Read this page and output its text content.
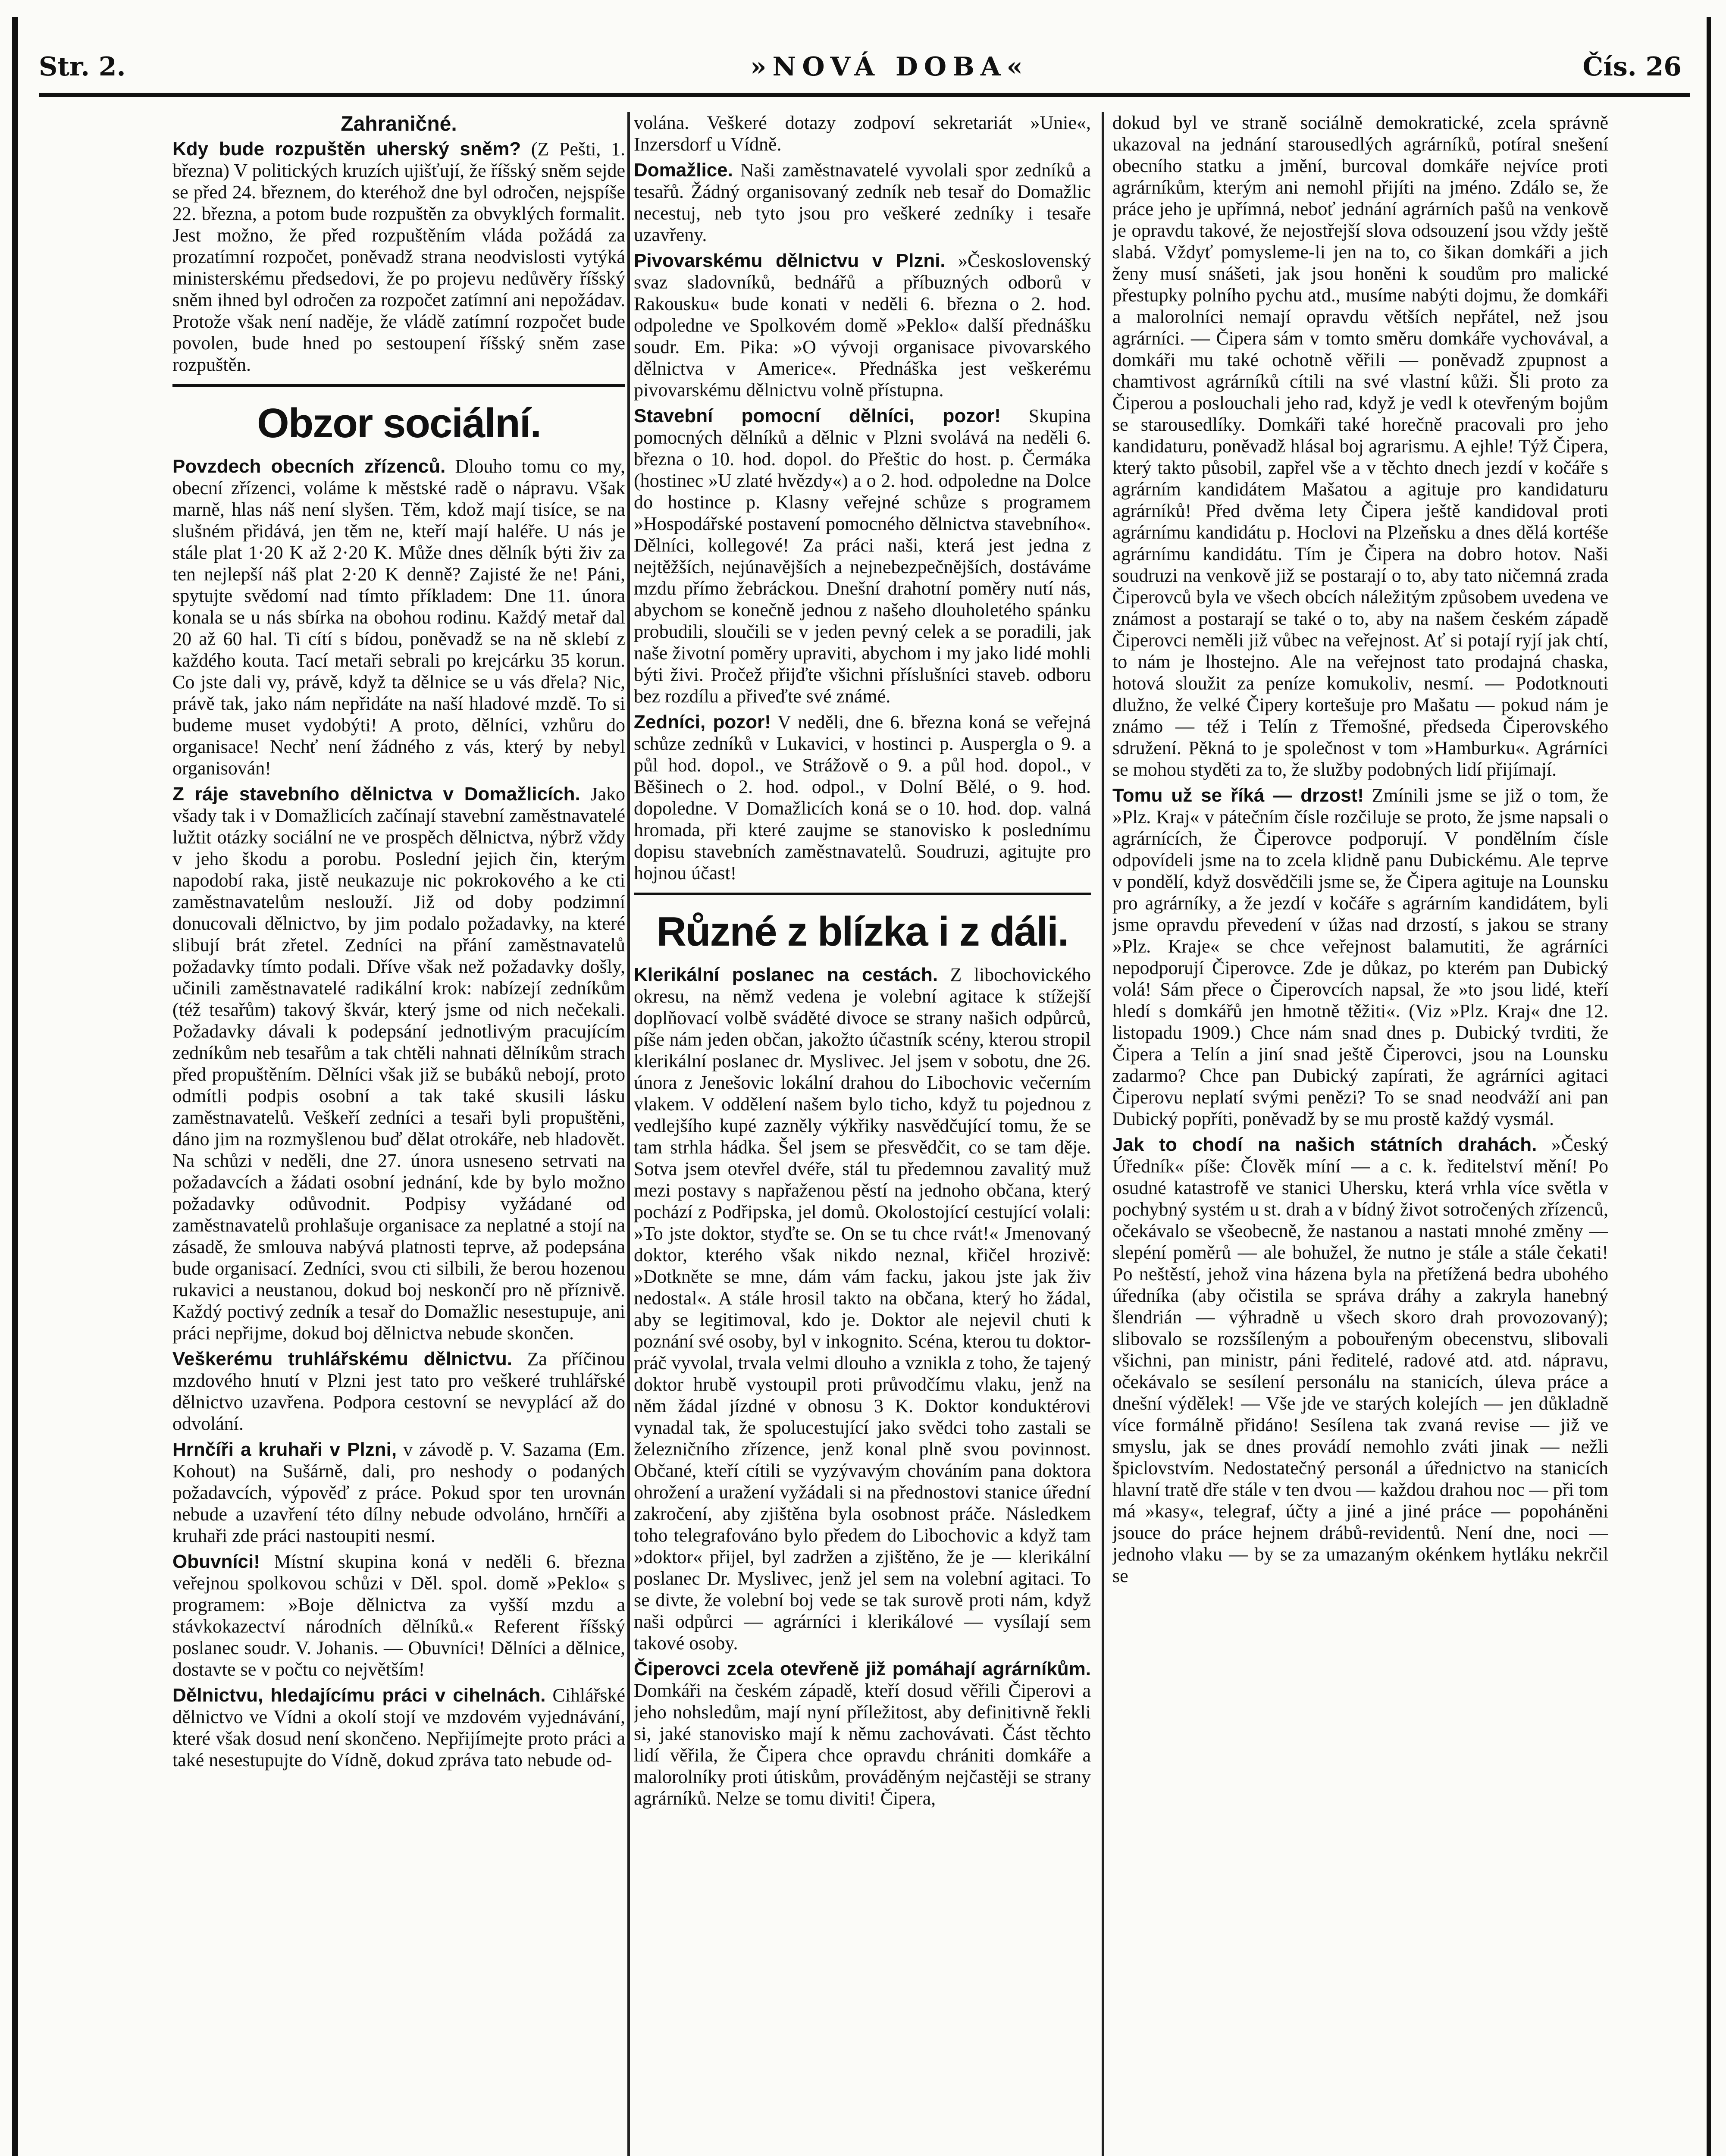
Str. 2.	»NOVÁ DOBA«	Čís. 26
Zahraničné.

Kdy bude rozpuštěn uherský sněm? (Z Pešti, 1. března) V politických kruzích ujišťují, že říšský sněm sejde se před 24. březnem, do kteréhož dne byl odročen, nejspíše 22. března, a potom bude rozpuštěn za obvyklých formalit. Jest možno, že před rozpuštěním vláda požádá za prozatímní rozpočet, poněvadž strana neodvislosti vytýká ministerskému předsedovi, že po projevu nedůvěry říšský sněm ihned byl odročen za rozpočet zatímní ani nepožádav. Protože však není naděje, že vládě zatímní rozpočet bude povolen, bude hned po sestoupení říšský sněm zase rozpuštěn.

Obzor sociální.

Povzdech obecních zřízenců. Dlouho tomu co my, obecní zřízenci, voláme k městské radě o nápravu. Však marně, hlas náš není slyšen. Těm, kdož mají tisíce, se na slušném přidává, jen těm ne, kteří mají haléře. U nás je stále plat 1·20 K až 2·20 K. Může dnes dělník býti živ za ten nejlepší náš plat 2·20 K denně? Zajisté že ne! Páni, spytujte svědomí nad tímto příkladem: Dne 11. února konala se u nás sbírka na obohou rodinu. Každý metař dal 20 až 60 hal. Ti cítí s bídou, poněvadž se na ně sklebí z každého kouta. Tací metaři sebrali po krejcárku 35 korun. Co jste dali vy, právě, když ta dělnice se u vás dřela? Nic, právě tak, jako nám nepřidáte na naší hladové mzdě. To si budeme muset vydobýti! A proto, dělníci, vzhůru do organisace! Nechť není žádného z vás, který by nebyl organisován!

Z ráje stavebního dělnictva v Domažlicích. Jako všady tak i v Domažlicích začínají stavební zaměstnavatelé lužtit otázky sociální ne ve prospěch dělnictva, nýbrž vždy v jeho škodu a porobu. Poslední jejich čin, kterým napodobí raka, jistě neukazuje nic pokrokového a ke cti zaměstnavatelům neslouží. Již od doby podzimní donucovali dělnictvo, by jim podalo požadavky, na které slibují brát zřetel. Zedníci na přání zaměstnavatelů požadavky tímto podali. Dříve však než požadavky došly, učinili zaměstnavatelé radikální krok: nabízejí zedníkům (též tesařům) takový škvár, který jsme od nich nečekali. Požadavky dávali k podepsání jednotlivým pracujícím zedníkům neb tesařům a tak chtěli nahnati dělníkům strach před propuštěním. Dělníci však již se bubáků nebojí, proto odmítli podpis osobní a tak také skusili lásku zaměstnavatelů. Veškeří zedníci a tesaři byli propuštěni, dáno jim na rozmyšlenou buď dělat otrokáře, neb hladovět. Na schůzi v neděli, dne 27. února usneseno setrvati na požadavcích a žádati osobní jednání, kde by bylo možno požadavky odůvodnit. Podpisy vyžádané od zaměstnavatelů prohlašuje organisace za neplatné a stojí na zásadě, že smlouva nabývá platnosti teprve, až podepsána bude organisací. Zedníci, svou cti silbili, že berou hozenou rukavici a neustanou, dokud boj neskončí pro ně příznivě. Každý poctivý zedník a tesař do Domažlic nesestupuje, ani práci nepřijme, dokud boj dělnictva nebude skončen.

Veškerému truhlářskému dělnictvu. Za příčinou mzdového hnutí v Plzni jest tato pro veškeré truhlářské dělnictvo uzavřena. Podpora cestovní se nevyplácí až do odvolání.

Hrnčíři a kruhaři v Plzni, v závodě p. V. Sazama (Em. Kohout) na Sušárně, dali, pro neshody o podaných požadavcích, výpověď z práce. Pokud spor ten urovnán nebude a uzavření této dílny nebude odvoláno, hrnčíři a kruhaři zde práci nastoupiti nesmí.

Obuvníci! Místní skupina koná v neděli 6. března veřejnou spolkovou schůzi v Děl. spol. domě »Peklo« s programem: »Boje dělnictva za vyšší mzdu a stávkokazectví národních dělníků.« Referent říšský poslanec soudr. V. Johanis. — Obuvníci! Dělníci a dělnice, dostavte se v počtu co největším!

Dělnictvu, hledajícímu práci v cihelnách. Cihlářské dělnictvo ve Vídni a okolí stojí ve mzdovém vyjednávání, které však dosud není skončeno. Nepřijímejte proto práci a také nesestupujte do Vídně, dokud zpráva tato nebude od-

volána. Veškeré dotazy zodpoví sekretariát »Unie«, Inzersdorf u Vídně.

Domažlice. Naši zaměstnavatelé vyvolali spor zedníků a tesařů. Žádný organisovaný zedník neb tesař do Domažlic necestuj, neb tyto jsou pro veškeré zedníky i tesaře uzavřeny.

Pivovarskému dělnictvu v Plzni. »Československý svaz sladovníků, bednářů a příbuzných odborů v Rakousku« bude konati v neděli 6. března o 2. hod. odpoledne ve Spolkovém domě »Peklo« další přednášku soudr. Em. Pika: »O vývoji organisace pivovarského dělnictva v Americe«. Přednáška jest veškerému pivovarskému dělnictvu volně přístupna.

Stavební pomocní dělníci, pozor! Skupina pomocných dělníků a dělnic v Plzni svolává na neděli 6. března o 10. hod. dopol. do Přeštic do host. p. Čermáka (hostinec »U zlaté hvězdy«) a o 2. hod. odpoledne na Dolce do hostince p. Klasny veřejné schůze s programem »Hospodářské postavení pomocného dělnictva stavebního«. Dělníci, kollegové! Za práci naši, která jest jedna z nejtěžších, nejúnavějších a nejnebezpečnějších, dostáváme mzdu přímo žebráckou. Dnešní drahotní poměry nutí nás, abychom se konečně jednou z našeho dlouholetého spánku probudili, sloučili se v jeden pevný celek a se poradili, jak naše životní poměry upraviti, abychom i my jako lidé mohli býti živi. Pročež přijďte všichni příslušníci staveb. odboru bez rozdílu a přiveďte své známé.

Zedníci, pozor! V neděli, dne 6. března koná se veřejná schůze zedníků v Lukavici, v hostinci p. Auspergla o 9. a půl hod. dopol., ve Strážově o 9. a půl hod. dopol., v Běšinech o 2. hod. odpol., v Dolní Bělé, o 9. hod. dopoledne. V Domažlicích koná se o 10. hod. dop. valná hromada, při které zaujme se stanovisko k poslednímu dopisu stavebních zaměstnavatelů. Soudruzi, agitujte pro hojnou účast!

Různé z blízka i z dáli.

Klerikální poslanec na cestách. Z libochovického okresu, na němž vedena je volební agitace k stížejší doplňovací volbě sváděté divoce se strany našich odpůrců, píše nám jeden občan, jakožto účastník scény, kterou stropil klerikální poslanec dr. Myslivec. Jel jsem v sobotu, dne 26. února z Jenešovic lokální drahou do Libochovic večerním vlakem. V oddělení našem bylo ticho, když tu pojednou z vedlejšího kupé zazněly výkřiky nasvědčující tomu, že se tam strhla hádka. Šel jsem se přesvědčit, co se tam děje. Sotva jsem otevřel dvéře, stál tu předemnou zavalitý muž mezi postavy s napřaženou pěstí na jednoho občana, který pochází z Podřipska, jel domů. Okolostojící cestující volali: »To jste doktor, styďte se. On se tu chce rvát!« Jmenovaný doktor, kterého však nikdo neznal, křičel hrozivě: »Dotkněte se mne, dám vám facku, jakou jste jak živ nedostal«. A stále hrosil takto na občana, který ho žádal, aby se legitimoval, kdo je. Doktor ale nejevil chuti k poznání své osoby, byl v inkognito. Scéna, kterou tu doktor-práč vyvolal, trvala velmi dlouho a vznikla z toho, že tajený doktor hrubě vystoupil proti průvodčímu vlaku, jenž na něm žádal jízdné v obnosu 3 K. Doktor konduktérovi vynadal tak, že spolucestující jako svědci toho zastali se železničního zřízence, jenž konal plně svou povinnost. Občané, kteří cítili se vyzývavým chováním pana doktora ohrožení a uražení vyžádali si na přednostovi stanice úřední zakročení, aby zjištěna byla osobnost práče. Následkem toho telegrafováno bylo předem do Libochovic a když tam »doktor« přijel, byl zadržen a zjištěno, že je — klerikální poslanec Dr. Myslivec, jenž jel sem na volební agitaci. To se divte, že volební boj vede se tak surově proti nám, když naši odpůrci — agrárníci i klerikálové — vysílají sem takové osoby.

Čiperovci zcela otevřeně již pomáhají agrárníkům. Domkáři na českém západě, kteří dosud věřili Čiperovi a jeho nohsledům, mají nyní příležitost, aby definitivně řekli si, jaké stanovisko mají k němu zachovávati. Část těchto lidí věřila, že Čipera chce opravdu chrániti domkáře a malorolníky proti útiskům, prováděným nejčastěji se strany agrárníků. Nelze se tomu diviti! Čipera,

dokud byl ve straně sociálně demokratické, zcela správně ukazoval na jednání starousedlých agrárníků, potíral snešení obecního statku a jmění, burcoval domkáře nejvíce proti agrárníkům, kterým ani nemohl přijíti na jméno. Zdálo se, že práce jeho je upřímná, neboť jednání agrárních pašů na venkově je opravdu takové, že nejostřejší slova odsouzení jsou vždy ještě slabá. Vždyť pomysleme-li jen na to, co šikan domkáři a jich ženy musí snášeti, jak jsou honěni k soudům pro malické přestupky polního pychu atd., musíme nabýti dojmu, že domkáři a malorolníci nemají opravdu větších nepřátel, než jsou agrárníci. — Čipera sám v tomto směru domkáře vychovával, a domkáři mu také ochotně věřili — poněvadž zpupnost a chamtivost agrárníků cítili na své vlastní kůži. Šli proto za Čiperou a poslouchali jeho rad, když je vedl k otevřeným bojům se starousedlíky. Domkáři také horečně pracovali pro jeho kandidaturu, poněvadž hlásal boj agrarismu. A ejhle! Týž Čipera, který takto působil, zapřel vše a v těchto dnech jezdí v kočáře s agrárním kandidátem Mašatou a agituje pro kandidaturu agrárníků! Před dvěma lety Čipera ještě kandidoval proti agrárnímu kandidátu p. Hoclovi na Plzeňsku a dnes dělá kortéše agrárnímu kandidátu. Tím je Čipera na dobro hotov. Naši soudruzi na venkově již se postarají o to, aby tato ničemná zrada Čiperovců byla ve všech obcích náležitým způsobem uvedena ve známost a postarají se také o to, aby na našem českém západě Čiperovci neměli již vůbec na veřejnost. Ať si potají ryjí jak chtí, to nám je lhostejno. Ale na veřejnost tato prodajná chaska, hotová sloužit za peníze komukoliv, nesmí. — Podotknouti dlužno, že velké Čipery kortešuje pro Mašatu — pokud nám je známo — též i Telín z Třemošné, předseda Čiperovského sdružení. Pěkná to je společnost v tom »Hamburku«. Agrárníci se mohou styděti za to, že služby podobných lidí přijímají.

Tomu už se říká — drzost! Zmínili jsme se již o tom, že »Plz. Kraj« v pátečním čísle rozčiluje se proto, že jsme napsali o agrárnících, že Čiperovce podporují. V pondělním čísle odpovídeli jsme na to zcela klidně panu Dubickému. Ale teprve v pondělí, když dosvědčili jsme se, že Čipera agituje na Lounsku pro agrárníky, a že jezdí v kočáře s agrárním kandidátem, byli jsme opravdu převedení v úžas nad drzostí, s jakou se strany »Plz. Kraje« se chce veřejnost balamutiti, že agrárníci nepodporují Čiperovce. Zde je důkaz, po kterém pan Dubický volá! Sám přece o Čiperovcích napsal, že »to jsou lidé, kteří hledí s domkářů jen hmotně těžiti«. (Viz »Plz. Kraj« dne 12. listopadu 1909.) Chce nám snad dnes p. Dubický tvrditi, že Čipera a Telín a jiní snad ještě Čiperovci, jsou na Lounsku zadarmo? Chce pan Dubický zapírati, že agrárníci agitaci Čiperovu neplatí svými penězi? To se snad neodváží ani pan Dubický popříti, poněvadž by se mu prostě každý vysmál.

Jak to chodí na našich státních drahách. »Český Úředník« píše: Člověk míní — a c. k. ředitelství mění! Po osudné katastrofě ve stanici Uhersku, která vrhla více světla v pochybný systém u st. drah a v bídný život sotročených zřízenců, očekávalo se všeobecně, že nastanou a nastati mnohé změny — slepéní poměrů — ale bohužel, že nutno je stále a stále čekati! Po neštěstí, jehož vina házena byla na přetížená bedra ubohého úředníka (aby očistila se správa dráhy a zakryla hanebný šlendrián — výhradně u všech skoro drah provozovaný); slibovalo se rozsšíleným a pobouřeným obecenstvu, slibovali všichni, pan ministr, páni ředitelé, radové atd. atd. nápravu, očekávalo se sesílení personálu na stanicích, úleva práce a dnešní výdělek! — Vše jde ve starých kolejích — jen důkladně více formálně přidáno! Sesílena tak zvaná revise — již ve smyslu, jak se dnes provádí nemohlo zváti jinak — nežli špiclovstvím. Nedostatečný personál a úřednictvo na stanicích hlavní tratě dře stále v ten dvou — každou drahou noc — při tom má »kasy«, telegraf, účty a jiné a jiné práce — popoháněni jsouce do práce hejnem drábů-revidentů. Není dne, noci — jednoho vlaku — by se za umazaným okénkem hytláku nekrčil se
